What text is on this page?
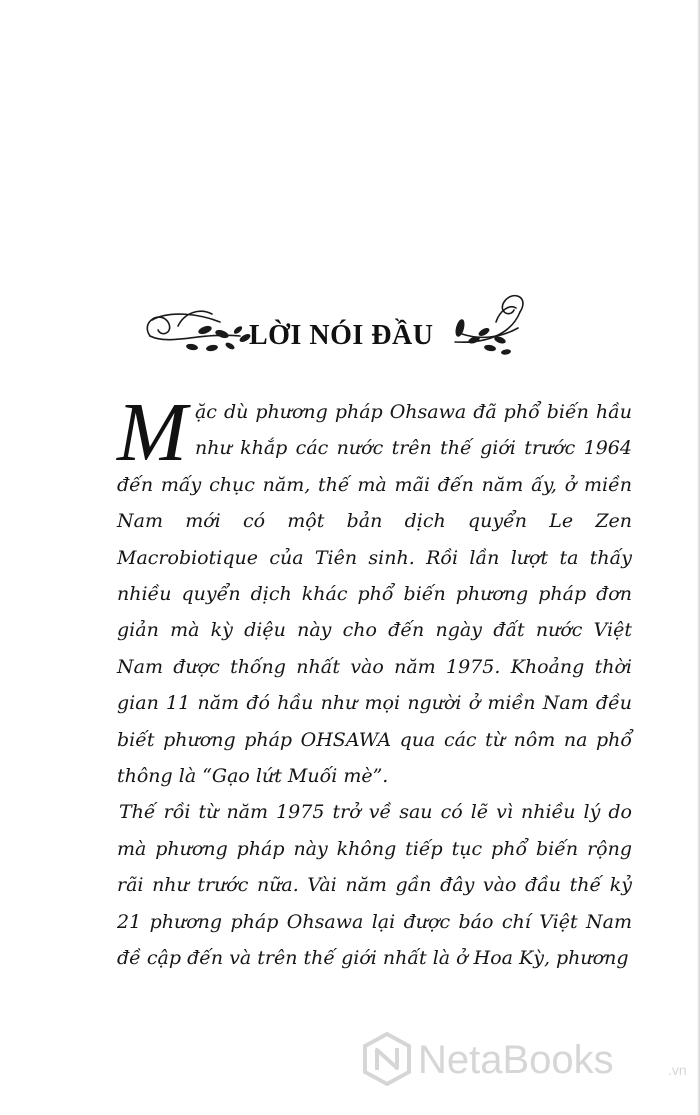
LỜI NÓI ĐẦU

Mặc dù phương pháp Ohsawa đã phổ biến hầu như khắp các nước trên thế giới trước 1964 đến mấy chục năm, thế mà mãi đến năm ấy, ở miền Nam mới có một bản dịch quyển Le Zen Macrobiotique của Tiên sinh. Rồi lần lượt ta thấy nhiều quyển dịch khác phổ biến phương pháp đơn giản mà kỳ diệu này cho đến ngày đất nước Việt Nam được thống nhất vào năm 1975. Khoảng thời gian 11 năm đó hầu như mọi người ở miền Nam đều biết phương pháp OHSAWA qua các từ nôm na phổ thông là “Gạo lứt Muối mè”.

Thế rồi từ năm 1975 trở về sau có lẽ vì nhiều lý do mà phương pháp này không tiếp tục phổ biến rộng rãi như trước nữa. Vài năm gần đây vào đầu thế kỷ 21 phương pháp Ohsawa lại được báo chí Việt Nam đề cập đến và trên thế giới nhất là ở Hoa Kỳ, phương

NetaBooks	.vn
